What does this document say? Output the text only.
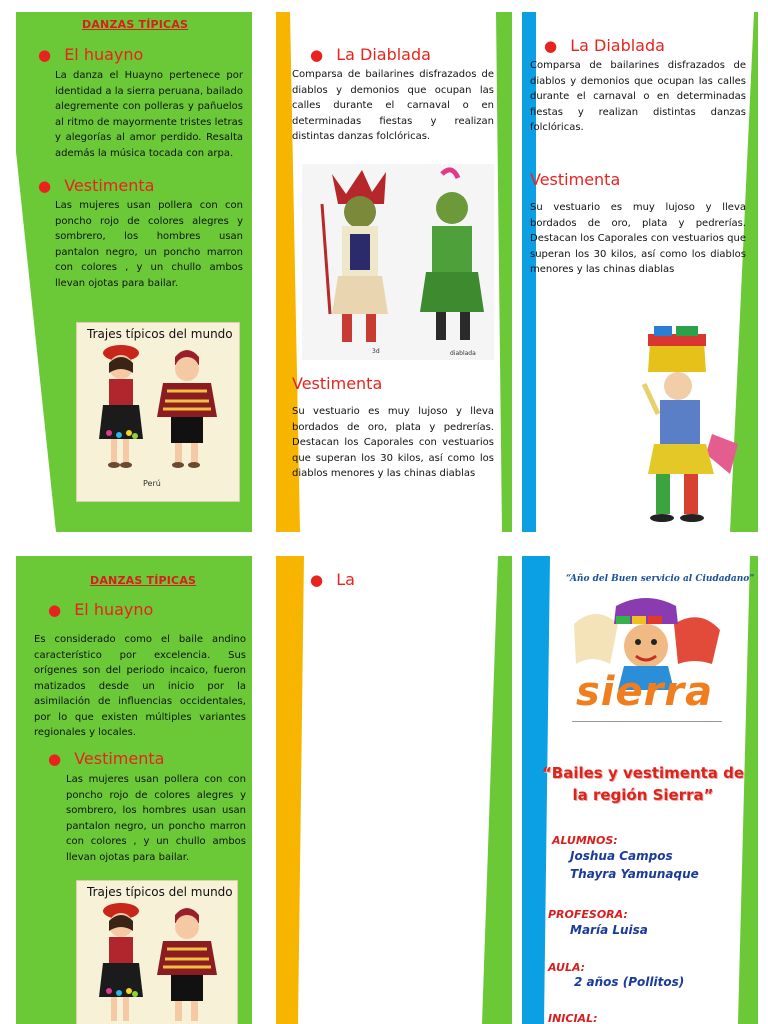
DANZAS TÍPICAS
● El huayno
La danza el Huayno pertenece por identidad a la sierra peruana, bailado alegremente con polleras y pañuelos al ritmo de mayormente tristes letras y alegorías al amor perdido. Resalta además la música tocada con arpa.
● Vestimenta
Las mujeres usan pollera con con poncho rojo de colores alegres y sombrero, los hombres usan pantalon negro, un poncho marron con colores , y un chullo ambos llevan ojotas para bailar.
Trajes típicos del mundo
Perú
● La Diablada
Comparsa de bailarines disfrazados de diablos y demonios que ocupan las calles durante el carnaval o en determinadas fiestas y realizan distintas danzas folclóricas.
3d	diablada
Vestimenta
Su vestuario es muy lujoso y lleva bordados de oro, plata y pedrerías. Destacan los Caporales con vestuarios que superan los 30 kilos, así como los diablos menores y las chinas diablas
● La Diablada
Comparsa de bailarines disfrazados de diablos y demonios que ocupan las calles durante el carnaval o en determinadas fiestas y realizan distintas danzas folclóricas.
Vestimenta
Su vestuario es muy lujoso y lleva bordados de oro, plata y pedrerías. Destacan los Caporales con vestuarios que superan los 30 kilos, así como los diablos menores y las chinas diablas
DANZAS TÍPICAS
● El huayno
Es considerado como el baile andino característico por excelencia. Sus orígenes son del periodo incaico, fueron matizados desde un inicio por la asimilación de influencias occidentales, por lo que existen múltiples variantes regionales y locales.
● Vestimenta
Las mujeres usan pollera con con poncho rojo de colores alegres y sombrero, los hombres usan usan pantalon negro, un poncho marron con colores , y un chullo ambos llevan ojotas para bailar.
Trajes típicos del mundo
● La	“Año del Buen servicio al Ciudadano”
sierra
“Bailes y vestimenta de la región Sierra”
ALUMNOS:
Joshua Campos
Thayra Yamunaque
PROFESORA:
María Luisa
AULA:
2 años (Pollitos)
INICIAL:
